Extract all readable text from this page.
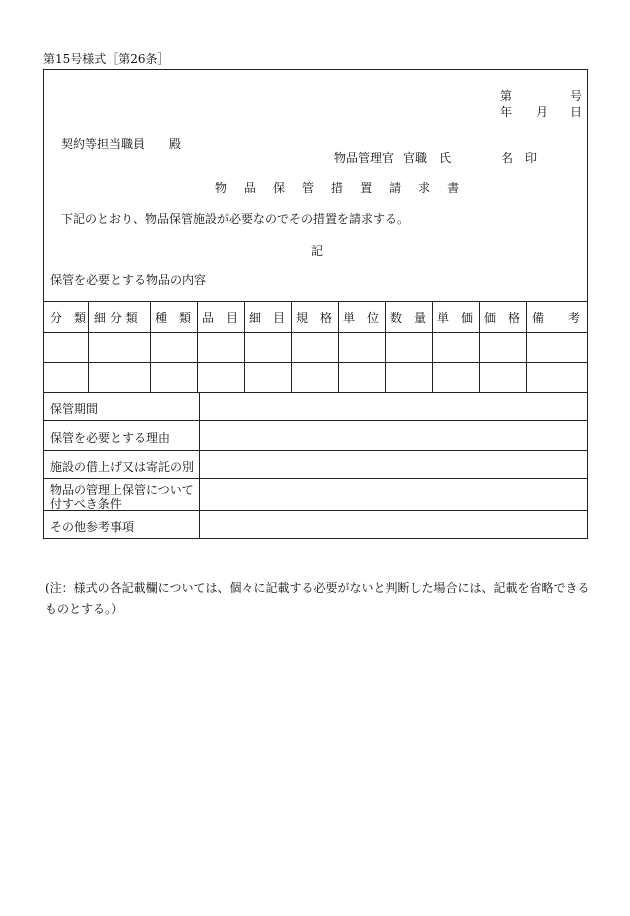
第15号様式［第26条］
第	号
年 月 日
契約等担当職員　　殿
物品管理官 官職　氏	名　印
物 品 保 管 措 置 請 求 書
下記のとおり、物品保管施設が必要なのでその措置を請求する。
記
保管を必要とする物品の内容
分　類 細 分 類 種　類 品　目 細　目 規　格 単　位 数　量 単　価 価　格 備　　考
保管期間
保管を必要とする理由
施設の借上げ又は寄託の別
物品の管理上保管について
付すべき条件
その他参考事項
(注：様式の各記載欄については、個々に記載する必要がないと判断した場合には、記載を省略できる
ものとする。）
